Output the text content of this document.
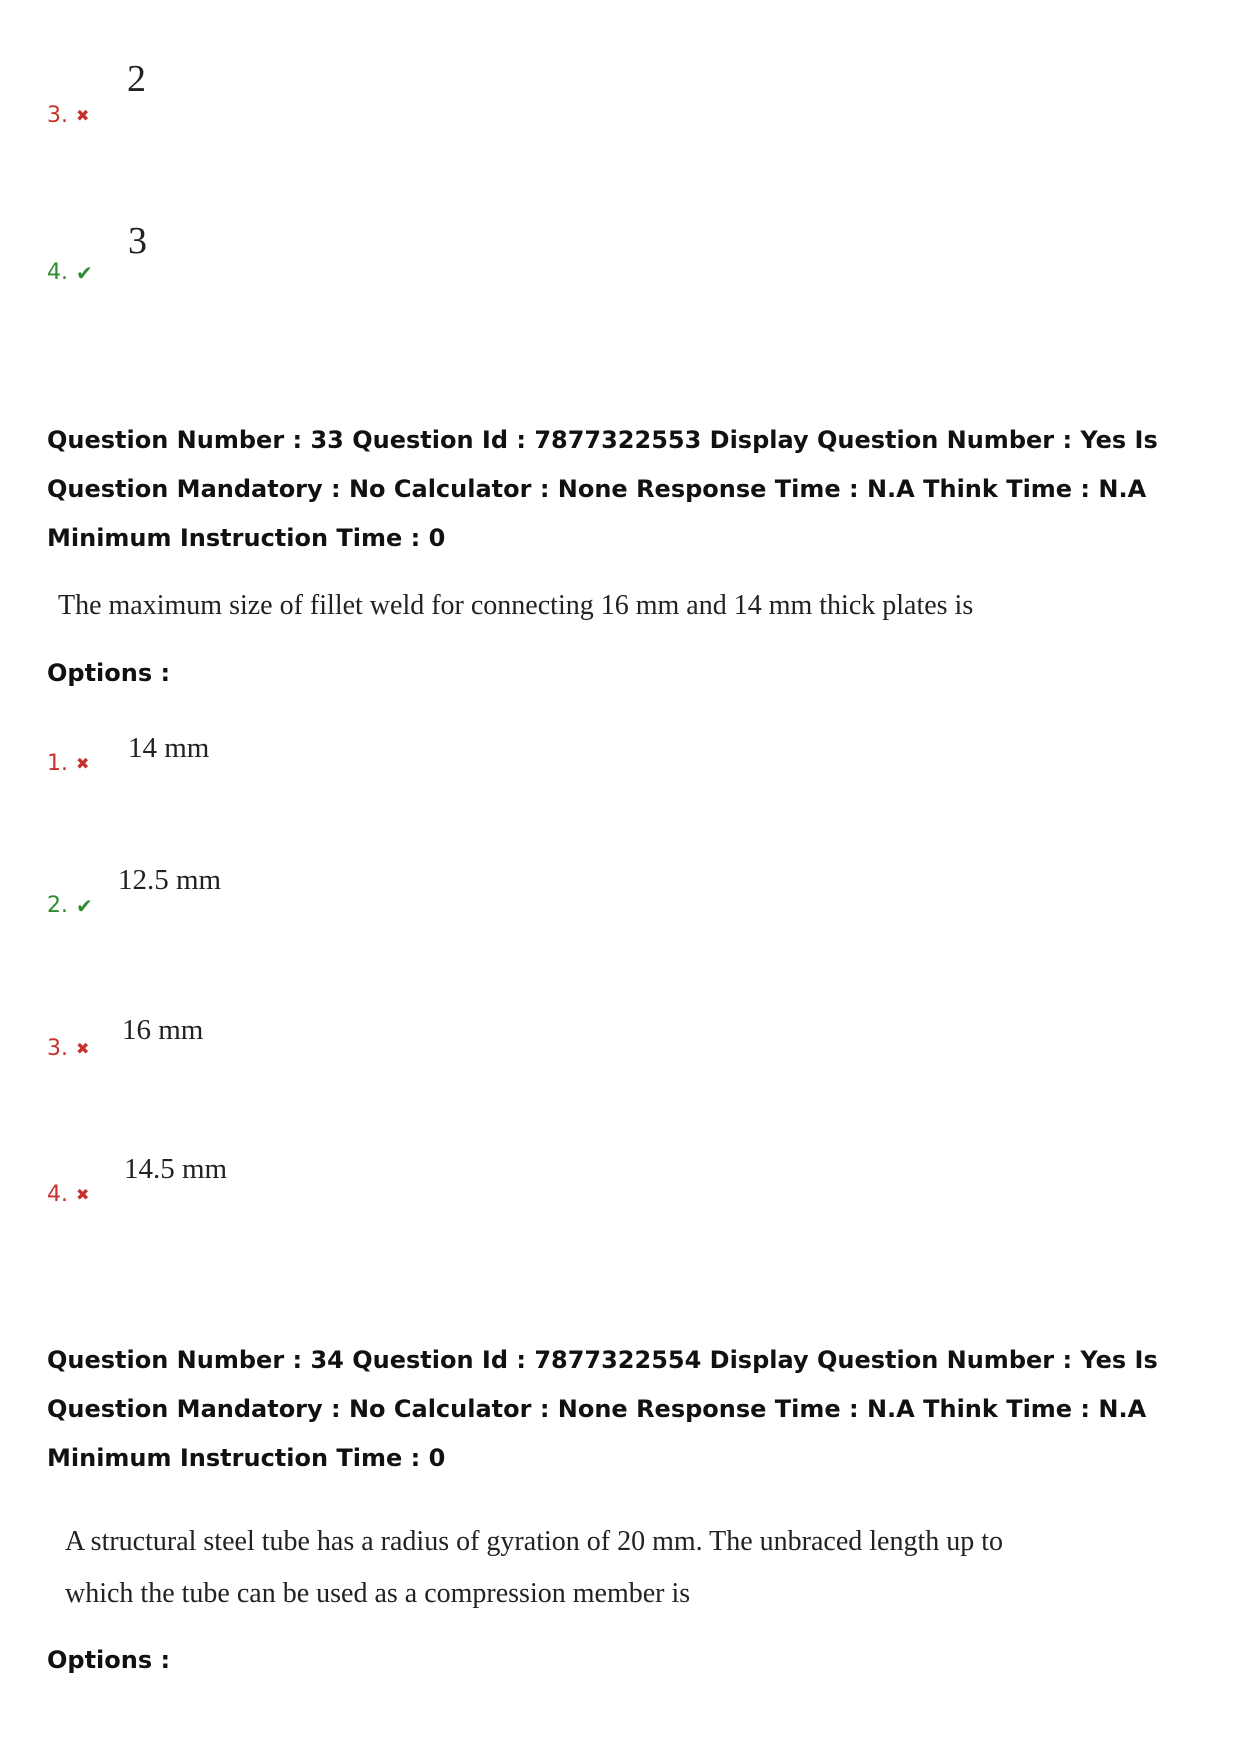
3. ✖
2
4. ✔
3
Question Number : 33 Question Id : 7877322553 Display Question Number : Yes Is Question Mandatory : No Calculator : None Response Time : N.A Think Time : N.A Minimum Instruction Time : 0
The maximum size of fillet weld for connecting 16 mm and 14 mm thick plates is
Options :
1. ✖ 14 mm
2. ✔
12.5 mm
3. ✖
16 mm
4. ✖
14.5 mm
Question Number : 34 Question Id : 7877322554 Display Question Number : Yes Is Question Mandatory : No Calculator : None Response Time : N.A Think Time : N.A Minimum Instruction Time : 0
A structural steel tube has a radius of gyration of 20 mm. The unbraced length up to
which the tube can be used as a compression member is
Options :
